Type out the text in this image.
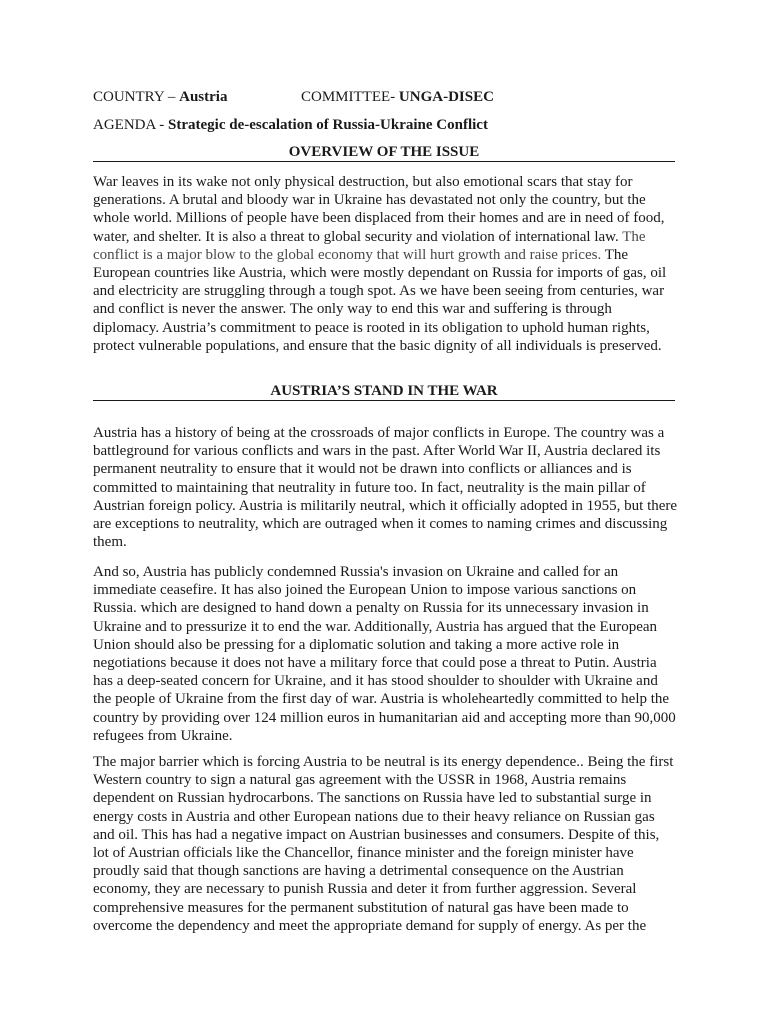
COUNTRY – Austria	COMMITTEE- UNGA-DISEC
AGENDA - Strategic de-escalation of Russia-Ukraine Conflict
OVERVIEW OF THE ISSUE

War leaves in its wake not only physical destruction, but also emotional scars that stay for generations. A brutal and bloody war in Ukraine has devastated not only the country, but the whole world. Millions of people have been displaced from their homes and are in need of food, water, and shelter. It is also a threat to global security and violation of international law. The conflict is a major blow to the global economy that will hurt growth and raise prices. The European countries like Austria, which were mostly dependant on Russia for imports of gas, oil and electricity are struggling through a tough spot. As we have been seeing from centuries, war and conflict is never the answer. The only way to end this war and suffering is through diplomacy. Austria’s commitment to peace is rooted in its obligation to uphold human rights, protect vulnerable populations, and ensure that the basic dignity of all individuals is preserved.

AUSTRIA’S STAND IN THE WAR

Austria has a history of being at the crossroads of major conflicts in Europe. The country was a battleground for various conflicts and wars in the past. After World War II, Austria declared its permanent neutrality to ensure that it would not be drawn into conflicts or alliances and is committed to maintaining that neutrality in future too. In fact, neutrality is the main pillar of Austrian foreign policy. Austria is militarily neutral, which it officially adopted in 1955, but there are exceptions to neutrality, which are outraged when it comes to naming crimes and discussing them.

And so, Austria has publicly condemned Russia's invasion on Ukraine and called for an immediate ceasefire. It has also joined the European Union to impose various sanctions on Russia. which are designed to hand down a penalty on Russia for its unnecessary invasion in Ukraine and to pressurize it to end the war. Additionally, Austria has argued that the European Union should also be pressing for a diplomatic solution and taking a more active role in negotiations because it does not have a military force that could pose a threat to Putin. Austria has a deep-seated concern for Ukraine, and it has stood shoulder to shoulder with Ukraine and the people of Ukraine from the first day of war. Austria is wholeheartedly committed to help the country by providing over 124 million euros in humanitarian aid and accepting more than 90,000 refugees from Ukraine.

The major barrier which is forcing Austria to be neutral is its energy dependence.. Being the first Western country to sign a natural gas agreement with the USSR in 1968, Austria remains dependent on Russian hydrocarbons. The sanctions on Russia have led to substantial surge in energy costs in Austria and other European nations due to their heavy reliance on Russian gas and oil. This has had a negative impact on Austrian businesses and consumers. Despite of this, lot of Austrian officials like the Chancellor, finance minister and the foreign minister have proudly said that though sanctions are having a detrimental consequence on the Austrian economy, they are necessary to punish Russia and deter it from further aggression. Several comprehensive measures for the permanent substitution of natural gas have been made to overcome the dependency and meet the appropriate demand for supply of energy. As per the
